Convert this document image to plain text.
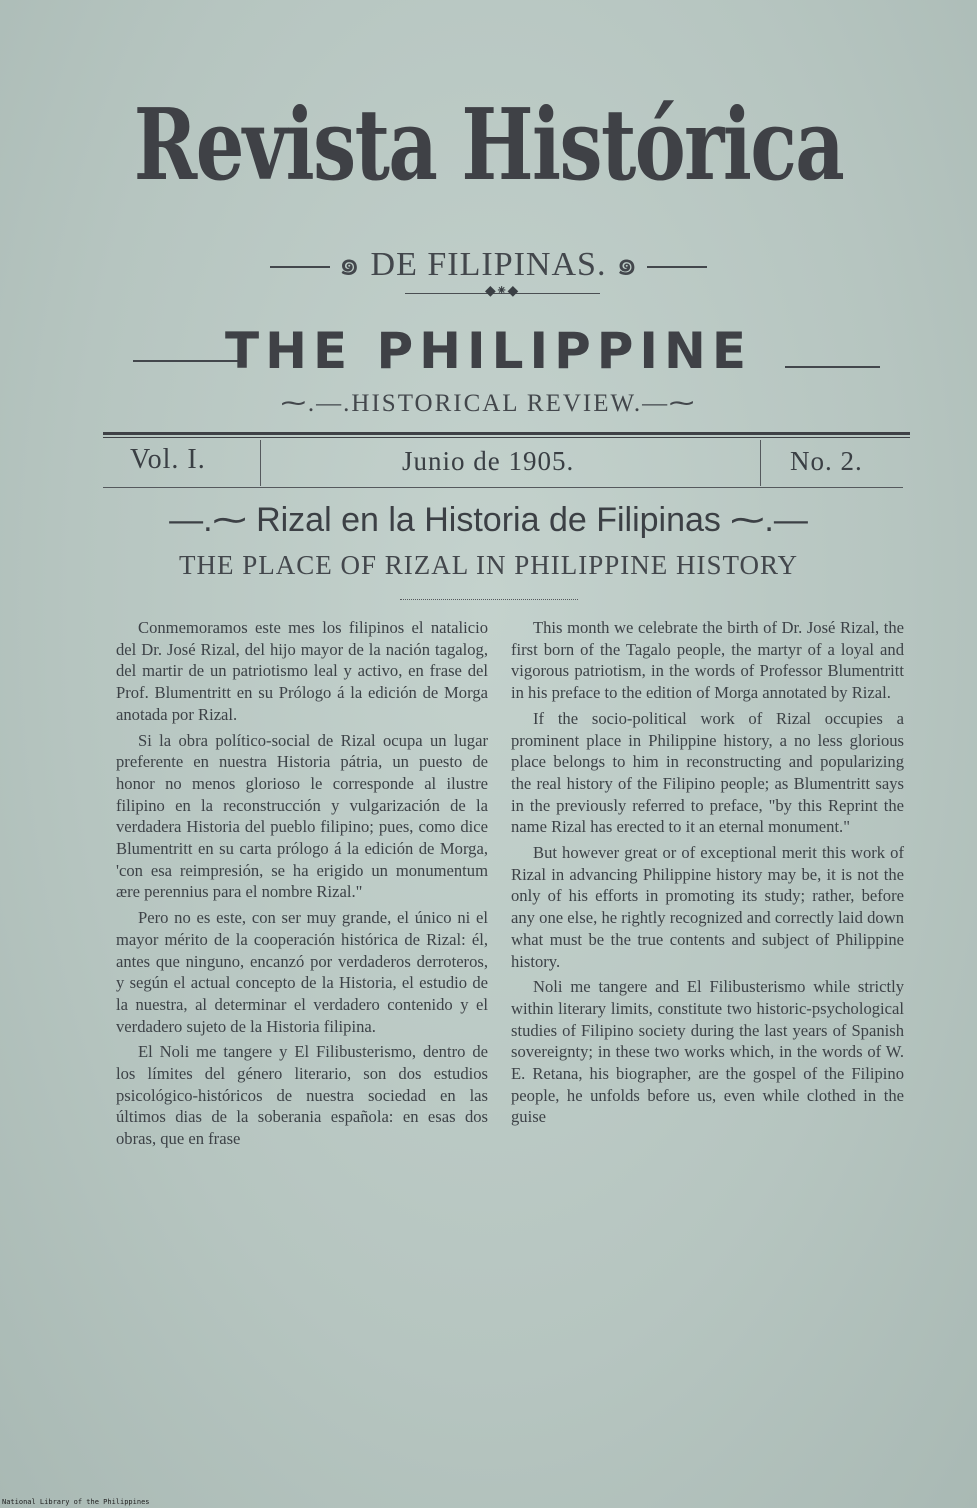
Revista Histórica
๑ DE FILIPINAS. ๑
◆⁕◆
THE PHILIPPINE
⁓.—.HISTORICAL REVIEW.—⁓
Vol. I.	Junio de 1905.	No. 2.
—.⁓ Rizal en la Historia de Filipinas ⁓.—
THE PLACE OF RIZAL IN PHILIPPINE HISTORY

Conmemoramos este mes los filipinos el natalicio del Dr. José Rizal, del hijo mayor de la nación tagalog, del martir de un patriotismo leal y activo, en frase del Prof. Blumentritt en su Prólogo á la edición de Morga anotada por Rizal.

Si la obra político-social de Rizal ocupa un lugar preferente en nuestra Historia pátria, un puesto de honor no menos glorioso le corresponde al ilustre filipino en la reconstrucción y vulgarización de la verdadera Historia del pueblo filipino; pues, como dice Blumentritt en su carta prólogo á la edición de Morga, 'con esa reimpresión, se ha erigido un monumentum ære perennius para el nombre Rizal."

Pero no es este, con ser muy grande, el único ni el mayor mérito de la cooperación histórica de Rizal: él, antes que ninguno, encanzó por verdaderos derroteros, y según el actual concepto de la Historia, el estudio de la nuestra, al determinar el verdadero contenido y el verdadero sujeto de la Historia filipina.

El Noli me tangere y El Filibusterismo, dentro de los límites del género literario, son dos estudios psicológico-históricos de nuestra sociedad en las últimos dias de la soberania española: en esas dos obras, que en frase

This month we celebrate the birth of Dr. José Rizal, the first born of the Tagalo people, the martyr of a loyal and vigorous patriotism, in the words of Professor Blumentritt in his preface to the edition of Morga annotated by Rizal.

If the socio-political work of Rizal occupies a prominent place in Philippine history, a no less glorious place belongs to him in reconstructing and popularizing the real history of the Filipino people; as Blumentritt says in the previously referred to preface, "by this Reprint the name Rizal has erected to it an eternal monument."

But however great or of exceptional merit this work of Rizal in advancing Philippine history may be, it is not the only of his efforts in promoting its study; rather, before any one else, he rightly recognized and correctly laid down what must be the true contents and subject of Philippine history.

Noli me tangere and El Filibusterismo while strictly within literary limits, constitute two historic-psychological studies of Filipino society during the last years of Spanish sovereignty; in these two works which, in the words of W. E. Retana, his biographer, are the gospel of the Filipino people, he unfolds before us, even while clothed in the guise

National Library of the Philippines
